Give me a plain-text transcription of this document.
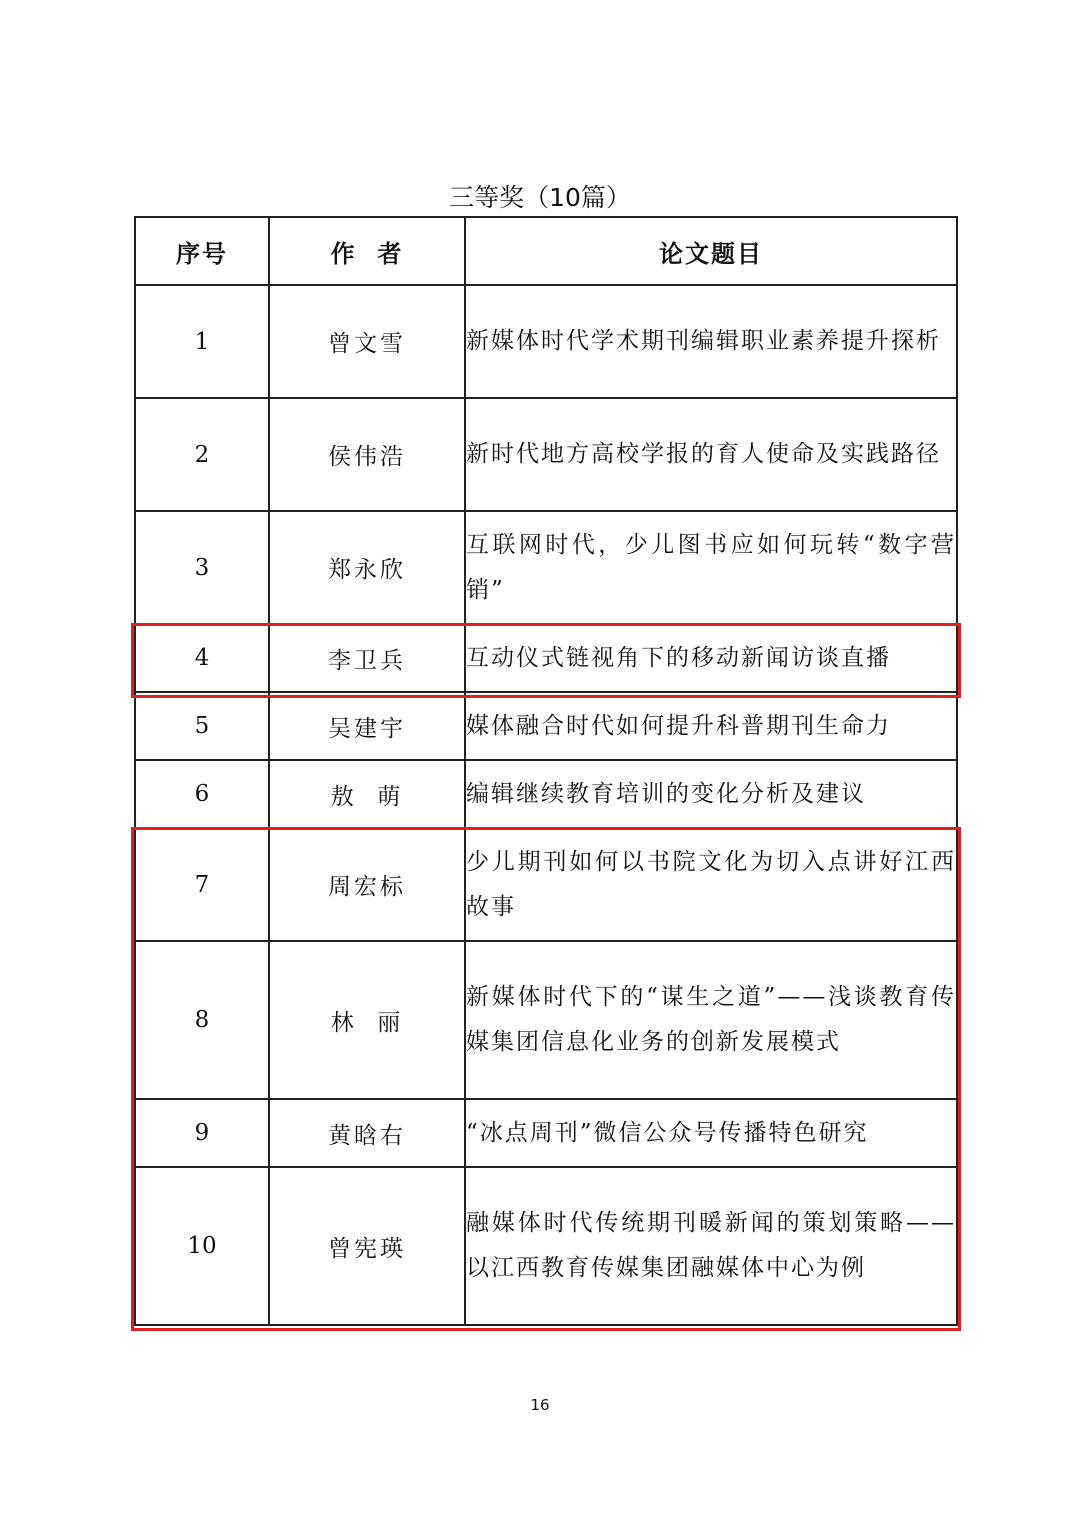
三等奖（10篇）
序号	作  者	论文题目
1	曾文雪	新媒体时代学术期刊编辑职业素养提升探析
2	侯伟浩	新时代地方高校学报的育人使命及实践路径
3	郑永欣	互联网时代，少儿图书应如何玩转“数字营销”
4	李卫兵	互动仪式链视角下的移动新闻访谈直播
5	吴建宇	媒体融合时代如何提升科普期刊生命力
6	敖  萌	编辑继续教育培训的变化分析及建议
7	周宏标	少儿期刊如何以书院文化为切入点讲好江西故事
8	林  丽	新媒体时代下的“谋生之道”——浅谈教育传媒集团信息化业务的创新发展模式
9	黄晗右	“冰点周刊”微信公众号传播特色研究
10	曾宪瑛	融媒体时代传统期刊暖新闻的策划策略——以江西教育传媒集团融媒体中心为例
16
